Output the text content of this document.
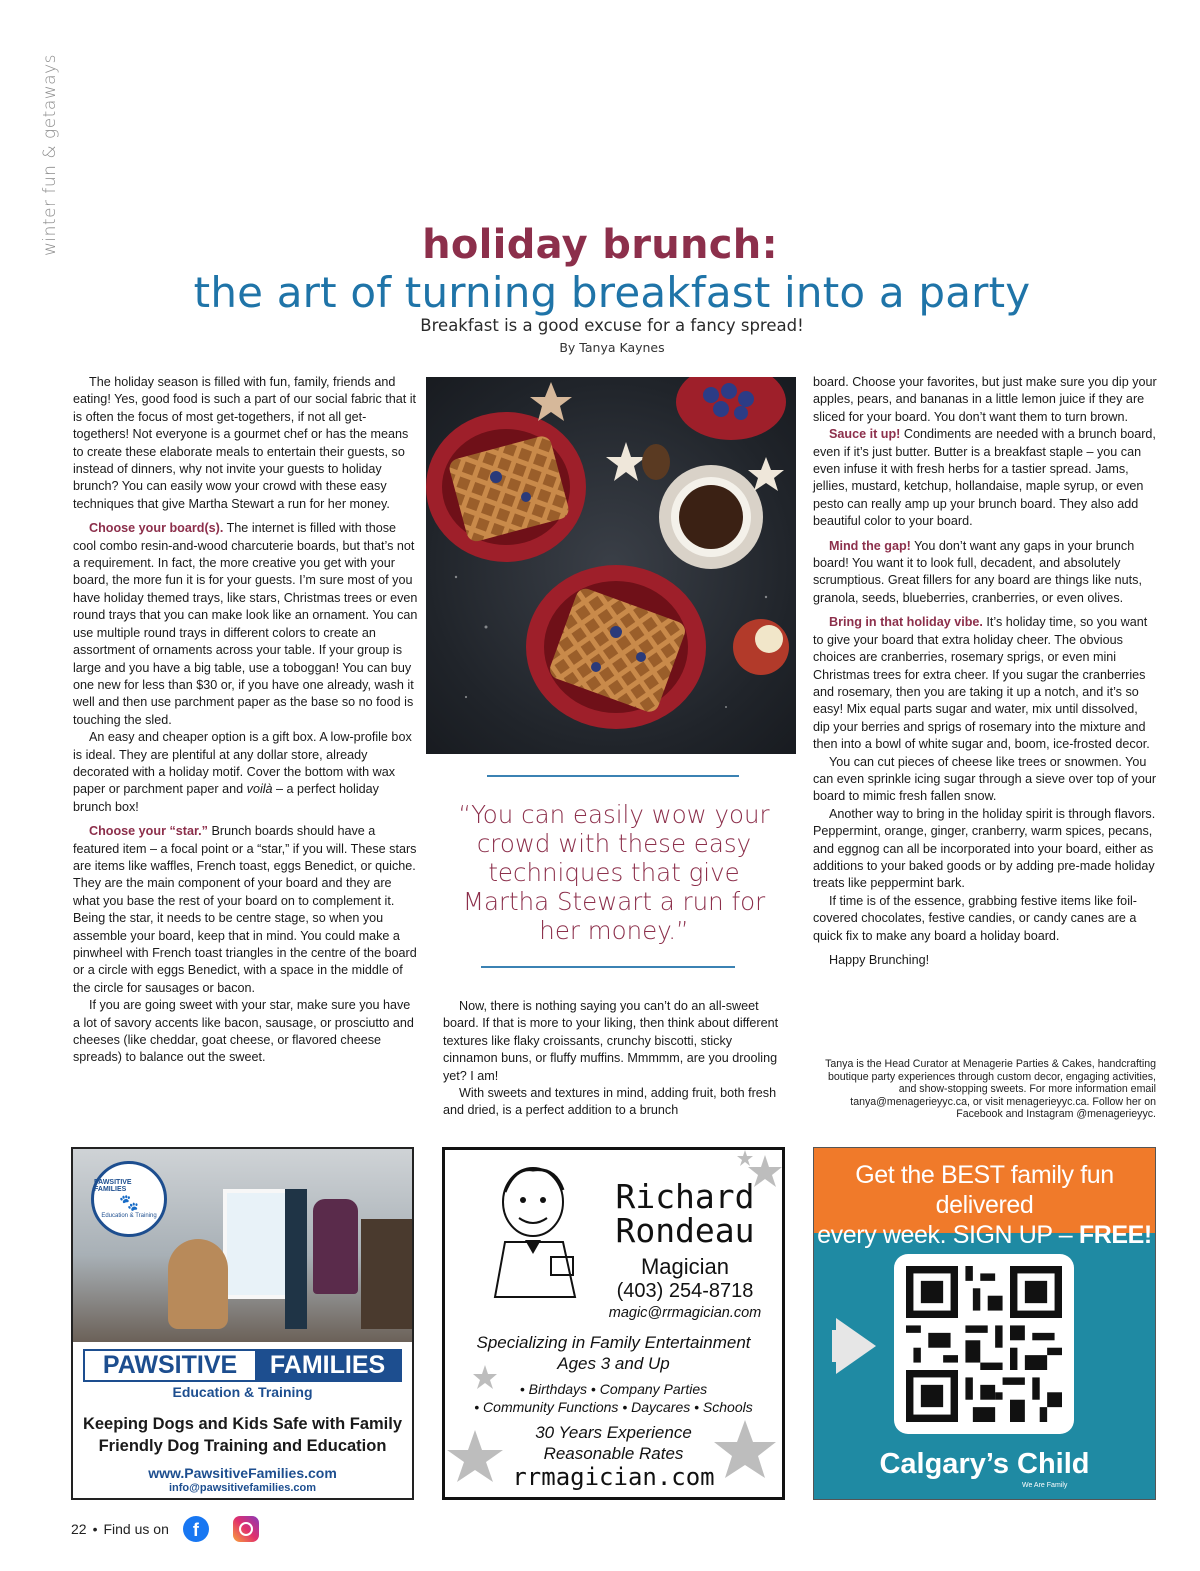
winter fun & getaways	holiday brunch:
the art of turning breakfast into a party
Breakfast is a good excuse for a fancy spread!
By Tanya Kaynes

The holiday season is filled with fun, family, friends and eating! Yes, good food is such a part of our social fabric that it is often the focus of most get-togethers, if not all get-togethers! Not everyone is a gourmet chef or has the means to create these elaborate meals to entertain their guests, so instead of dinners, why not invite your guests to holiday brunch? You can easily wow your crowd with these easy techniques that give Martha Stewart a run for her money.

Choose your board(s). The internet is filled with those cool combo resin-and-wood charcuterie boards, but that’s not a requirement. In fact, the more creative you get with your board, the more fun it is for your guests. I’m sure most of you have holiday themed trays, like stars, Christmas trees or even round trays that you can make look like an ornament. You can use multiple round trays in different colors to create an assortment of ornaments across your table. If your group is large and you have a big table, use a toboggan! You can buy one new for less than $30 or, if you have one already, wash it well and then use parchment paper as the base so no food is touching the sled.

An easy and cheaper option is a gift box. A low-profile box is ideal. They are plentiful at any dollar store, already decorated with a holiday motif. Cover the bottom with wax paper or parchment paper and voilà – a perfect holiday brunch box!

Choose your “star.” Brunch boards should have a featured item – a focal point or a “star,” if you will. These stars are items like waffles, French toast, eggs Benedict, or quiche. They are the main component of your board and they are what you base the rest of your board on to complement it. Being the star, it needs to be centre stage, so when you assemble your board, keep that in mind. You could make a pinwheel with French toast triangles in the centre of the board or a circle with eggs Benedict, with a space in the middle of the circle for sausages or bacon.

If you are going sweet with your star, make sure you have a lot of savory accents like bacon, sausage, or prosciutto and cheeses (like cheddar, goat cheese, or flavored cheese spreads) to balance out the sweet.

“You can easily wow your crowd with these easy techniques that give Martha Stewart a run for her money.”

Now, there is nothing saying you can’t do an all-sweet board. If that is more to your liking, then think about different textures like flaky croissants, crunchy biscotti, sticky cinnamon buns, or fluffy muffins. Mmmmm, are you drooling yet? I am!

With sweets and textures in mind, adding fruit, both fresh and dried, is a perfect addition to a brunch

board. Choose your favorites, but just make sure you dip your apples, pears, and bananas in a little lemon juice if they are sliced for your board. You don’t want them to turn brown.

Sauce it up! Condiments are needed with a brunch board, even if it’s just butter. Butter is a breakfast staple – you can even infuse it with fresh herbs for a tastier spread. Jams, jellies, mustard, ketchup, hollandaise, maple syrup, or even pesto can really amp up your brunch board. They also add beautiful color to your board.

Mind the gap! You don’t want any gaps in your brunch board! You want it to look full, decadent, and absolutely scrumptious. Great fillers for any board are things like nuts, granola, seeds, blueberries, cranberries, or even olives.

Bring in that holiday vibe. It’s holiday time, so you want to give your board that extra holiday cheer. The obvious choices are cranberries, rosemary sprigs, or even mini Christmas trees for extra cheer. If you sugar the cranberries and rosemary, then you are taking it up a notch, and it’s so easy! Mix equal parts sugar and water, mix until dissolved, dip your berries and sprigs of rosemary into the mixture and then into a bowl of white sugar and, boom, ice-frosted decor.

You can cut pieces of cheese like trees or snowmen. You can even sprinkle icing sugar through a sieve over top of your board to mimic fresh fallen snow.

Another way to bring in the holiday spirit is through flavors. Peppermint, orange, ginger, cranberry, warm spices, pecans, and eggnog can all be incorporated into your board, either as additions to your baked goods or by adding pre-made holiday treats like peppermint bark.

If time is of the essence, grabbing festive items like foil-covered chocolates, festive candies, or candy canes are a quick fix to make any board a holiday board.

Happy Brunching!

Tanya is the Head Curator at Menagerie Parties & Cakes, handcrafting boutique party experiences through custom decor, engaging activities, and show-stopping sweets. For more information email tanya@menagerieyyc.ca, or visit menagerieyyc.ca. Follow her on Facebook and Instagram @menagerieyyc.
PAWSITIVE FAMILIES
🐾
Education & Training
PAWSITIVE	FAMILIES
Education & Training
Keeping Dogs and Kids Safe with Family
Friendly Dog Training and Education
www.PawsitiveFamilies.com
info@pawsitivefamilies.com
Richard
Rondeau
Magician
(403) 254-8718
magic@rrmagician.com
Specializing in Family Entertainment
Ages 3 and Up
• Birthdays • Company Parties
• Community Functions • Daycares • Schools
30 Years Experience
Reasonable Rates
rrmagician.com
Get the BEST family fun delivered
every week. SIGN UP – FREE!
Calgary’s Child
We Are Family
22 • Find us on	f
